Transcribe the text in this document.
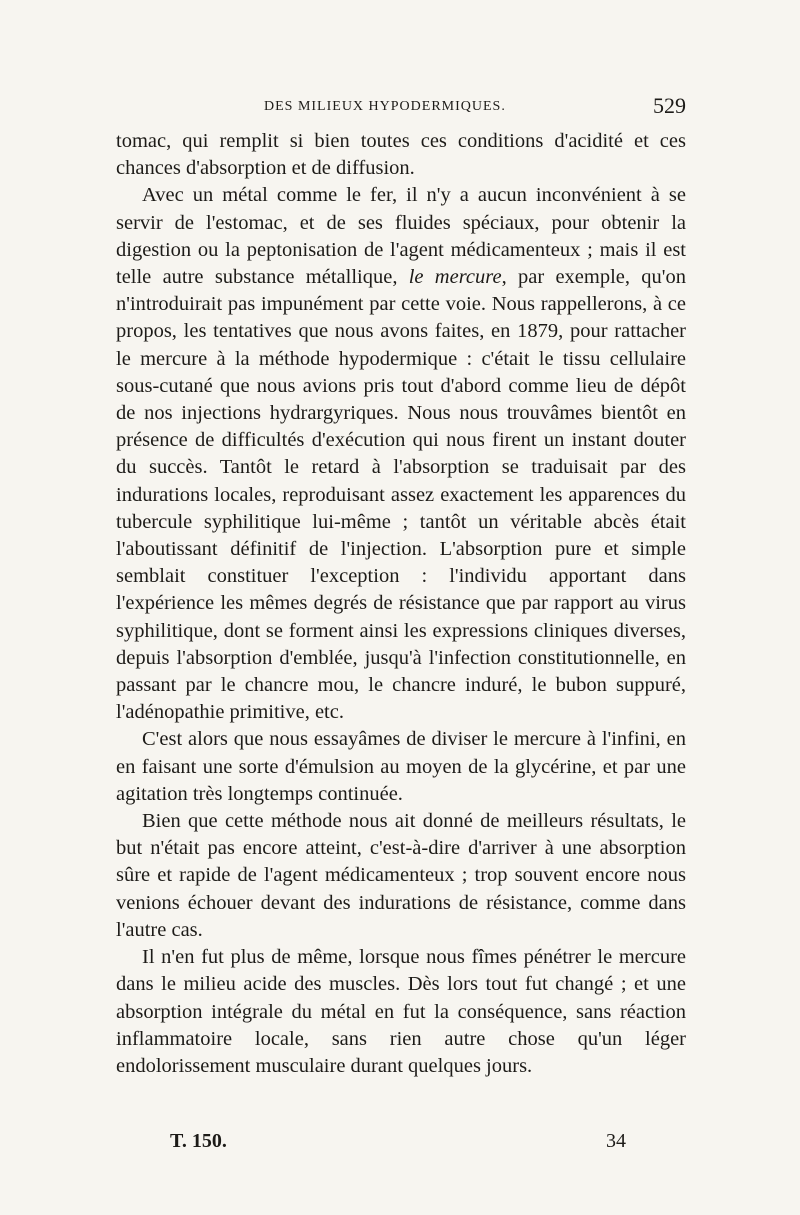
DES MILIEUX HYPODERMIQUES.	529

tomac, qui remplit si bien toutes ces conditions d'acidité et ces chances d'absorption et de diffusion.

Avec un métal comme le fer, il n'y a aucun inconvénient à se servir de l'estomac, et de ses fluides spéciaux, pour obtenir la digestion ou la peptonisation de l'agent médicamenteux ; mais il est telle autre substance métallique, le mercure, par exemple, qu'on n'introduirait pas impunément par cette voie. Nous rappellerons, à ce propos, les tentatives que nous avons faites, en 1879, pour rattacher le mercure à la méthode hypodermique : c'était le tissu cellulaire sous-cutané que nous avions pris tout d'abord comme lieu de dépôt de nos injections hydrargyriques. Nous nous trouvâmes bientôt en présence de difficultés d'exécution qui nous firent un instant douter du succès. Tantôt le retard à l'absorption se traduisait par des indurations locales, reproduisant assez exactement les apparences du tubercule syphilitique lui-même ; tantôt un véritable abcès était l'aboutissant définitif de l'injection. L'absorption pure et simple semblait constituer l'exception : l'individu apportant dans l'expérience les mêmes degrés de résistance que par rapport au virus syphilitique, dont se forment ainsi les expressions cliniques diverses, depuis l'absorption d'emblée, jusqu'à l'infection constitutionnelle, en passant par le chancre mou, le chancre induré, le bubon suppuré, l'adénopathie primitive, etc.

C'est alors que nous essayâmes de diviser le mercure à l'infini, en en faisant une sorte d'émulsion au moyen de la glycérine, et par une agitation très longtemps continuée.

Bien que cette méthode nous ait donné de meilleurs résultats, le but n'était pas encore atteint, c'est-à-dire d'arriver à une absorption sûre et rapide de l'agent médicamenteux ; trop souvent encore nous venions échouer devant des indurations de résistance, comme dans l'autre cas.

Il n'en fut plus de même, lorsque nous fîmes pénétrer le mercure dans le milieu acide des muscles. Dès lors tout fut changé ; et une absorption intégrale du métal en fut la conséquence, sans réaction inflammatoire locale, sans rien autre chose qu'un léger endolorissement musculaire durant quelques jours.

T. 150.	34
